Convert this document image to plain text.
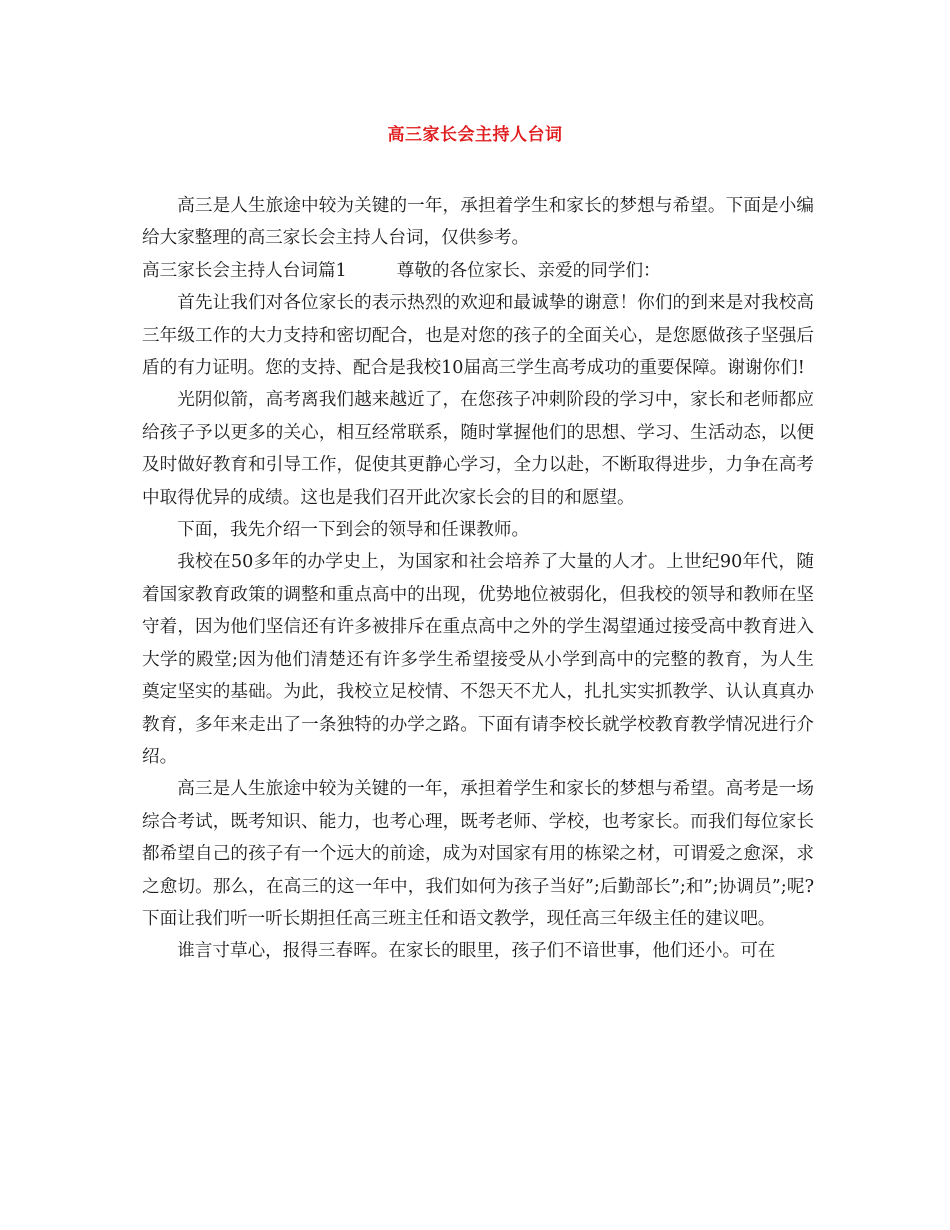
高三家长会主持人台词

高三是人生旅途中较为关键的一年，承担着学生和家长的梦想与希望。下面是小编给大家整理的高三家长会主持人台词，仅供参考。

高三家长会主持人台词篇1	尊敬的各位家长、亲爱的同学们：

首先让我们对各位家长的表示热烈的欢迎和最诚挚的谢意！你们的到来是对我校高三年级工作的大力支持和密切配合，也是对您的孩子的全面关心，是您愿做孩子坚强后盾的有力证明。您的支持、配合是我校10届高三学生高考成功的重要保障。谢谢你们!

光阴似箭，高考离我们越来越近了，在您孩子冲刺阶段的学习中，家长和老师都应给孩子予以更多的关心，相互经常联系，随时掌握他们的思想、学习、生活动态，以便及时做好教育和引导工作，促使其更静心学习，全力以赴，不断取得进步，力争在高考中取得优异的成绩。这也是我们召开此次家长会的目的和愿望。

下面，我先介绍一下到会的领导和任课教师。

我校在50多年的办学史上，为国家和社会培养了大量的人才。上世纪90年代，随着国家教育政策的调整和重点高中的出现，优势地位被弱化，但我校的领导和教师在坚守着，因为他们坚信还有许多被排斥在重点高中之外的学生渴望通过接受高中教育进入大学的殿堂;因为他们清楚还有许多学生希望接受从小学到高中的完整的教育，为人生奠定坚实的基础。为此，我校立足校情、不怨天不尤人，扎扎实实抓教学、认认真真办教育，多年来走出了一条独特的办学之路。下面有请李校长就学校教育教学情况进行介绍。

高三是人生旅途中较为关键的一年，承担着学生和家长的梦想与希望。高考是一场综合考试，既考知识、能力，也考心理，既考老师、学校，也考家长。而我们每位家长都希望自己的孩子有一个远大的前途，成为对国家有用的栋梁之材，可谓爱之愈深，求之愈切。那么，在高三的这一年中，我们如何为孩子当好”;后勤部长”;和”;协调员”;呢?下面让我们听一听长期担任高三班主任和语文教学，现任高三年级主任的建议吧。

谁言寸草心，报得三春晖。在家长的眼里，孩子们不谙世事，他们还小。可在
